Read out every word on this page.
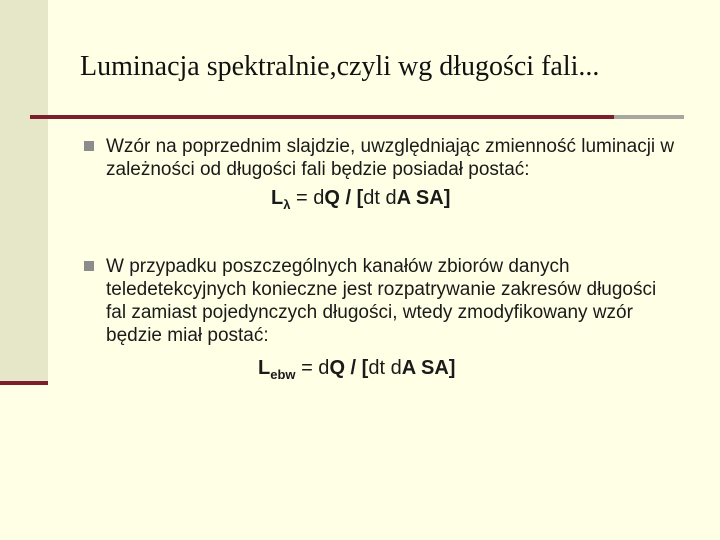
Luminacja spektralnie,czyli wg długości fali...
Wzór na poprzednim slajdzie, uwzględniając zmienność luminacji w zależności od długości fali będzie posiadał postać:
$L_\lambda$ = dQ / [dt dA SA]
W przypadku poszczególnych kanałów zbiorów danych teledetekcyjnych konieczne jest rozpatrywanie zakresów długości fal zamiast pojedynczych długości, wtedy zmodyfikowany wzór będzie miał postać:
$L_{ebw}$ = dQ / [dt dA SA]
